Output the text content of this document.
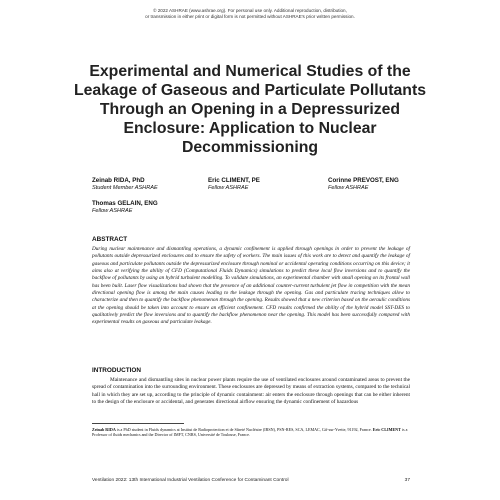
© 2022 ASHRAE (www.ashrae.org). For personal use only. Additional reproduction, distribution,
or transmission in either print or digital form is not permitted without ASHRAE's prior written permission.
Experimental and Numerical Studies of the Leakage of Gaseous and Particulate Pollutants Through an Opening in a Depressurized Enclosure: Application to Nuclear Decommissioning
Zeinab RIDA, PhD
Student Member ASHRAE
Eric CLIMENT, PE
Fellow ASHRAE
Corinne PREVOST, ENG
Fellow ASHRAE
Thomas GELAIN, ENG
Fellow ASHRAE
ABSTRACT

During nuclear maintenance and dismantling operations, a dynamic confinement is applied through openings in order to prevent the leakage of pollutants outside depressurized enclosures and to ensure the safety of workers. The main issues of this work are to detect and quantify the leakage of gaseous and particulate pollutants outside the depressurized enclosure through nominal or accidental operating conditions occurring on this device; it aims also at verifying the ability of CFD (Computational Fluids Dynamics) simulations to predict these local flow inversions and to quantify the backflow of pollutants by using an hybrid turbulent modelling. To validate simulations, an experimental chamber with small opening on its frontal wall has been built. Laser flow visualizations had shown that the presence of an additional counter-current turbulent jet flow in competition with the mean directional opening flow is among the main causes leading to the leakage through the opening. Gas and particulate tracing techniques allow to characterize and then to quantify the backflow phenomenon through the opening. Results showed that a new criterion based on the aeraulic conditions at the opening should be taken into account to ensure an efficient confinement. CFD results confirmed the ability of the hybrid model SST-DES to qualitatively predict the flow inversions and to quantify the backflow phenomenon near the opening. This model has been successfully compared with experimental results on gaseous and particulate leakage.

INTRODUCTION

Maintenance and dismantling sites in nuclear power plants require the use of ventilated enclosures around contaminated areas to prevent the spread of contamination into the surrounding environment. These enclosures are depressed by means of extraction systems, compared to the technical hall in which they are set up, according to the principle of dynamic containment: air enters the enclosure through openings that can be either inherent to the design of the enclosure or accidental, and generates directional airflow ensuring the dynamic confinement of hazardous

Zeinab RIDA is a PhD student in Fluids dynamics at Institut de Radioprotection et de Sûreté Nucléaire (IRSN), PSN-RES, SCA, LEMAC, Gif-sur-Yvette, 91192, France. Eric CLIMENT is a Professor of fluids mechanics and the Director of IMFT, CNRS, Université de Toulouse, France.

Ventilation 2022: 13th International Industrial Ventilation Conference for Contaminant Control	37
